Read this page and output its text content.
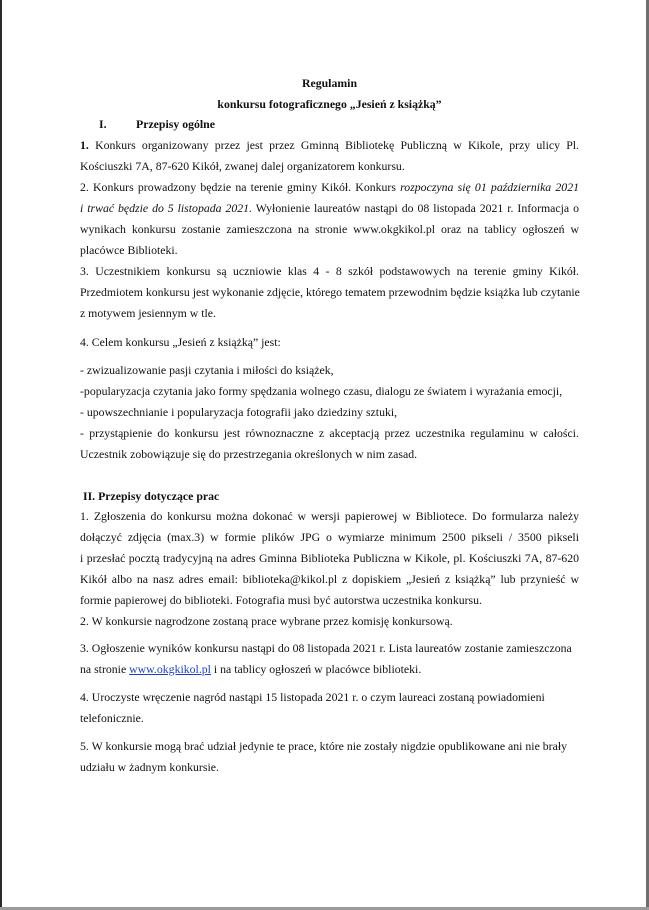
Regulamin
konkursu fotograficznego „Jesień z książką”
I. Przepisy ogólne
1. Konkurs organizowany przez jest przez Gminną Bibliotekę Publiczną w Kikole, przy ulicy Pl.
Kościuszki 7A, 87-620 Kikół, zwanej dalej organizatorem konkursu.
2. Konkurs prowadzony będzie na terenie gminy Kikół. Konkurs rozpoczyna się 01 października 2021
i trwać będzie do 5 listopada 2021. Wyłonienie laureatów nastąpi do 08 listopada 2021 r. Informacja o
wynikach konkursu zostanie zamieszczona na stronie www.okgkikol.pl oraz na tablicy ogłoszeń w
placówce Biblioteki.
3. Uczestnikiem konkursu są uczniowie klas 4 - 8 szkół podstawowych na terenie gminy Kikół.
Przedmiotem konkursu jest wykonanie zdjęcie, którego tematem przewodnim będzie książka lub czytanie
z motywem jesiennym w tle.
4. Celem konkursu „Jesień z książką” jest:
- zwizualizowanie pasji czytania i miłości do książek,
-popularyzacja czytania jako formy spędzania wolnego czasu, dialogu ze światem i wyrażania emocji,
- upowszechnianie i popularyzacja fotografii jako dziedziny sztuki,
- przystąpienie do konkursu jest równoznaczne z akceptacją przez uczestnika regulaminu w całości.
Uczestnik zobowiązuje się do przestrzegania określonych w nim zasad.
II. Przepisy dotyczące prac
1. Zgłoszenia do konkursu można dokonać w wersji papierowej w Bibliotece. Do formularza należy
dołączyć zdjęcia (max.3) w formie plików JPG o wymiarze minimum 2500 pikseli / 3500 pikseli
i przesłać pocztą tradycyjną na adres Gminna Biblioteka Publiczna w Kikole, pl. Kościuszki 7A, 87-620
Kikół albo na nasz adres email: biblioteka@kikol.pl z dopiskiem „Jesień z książką” lub przynieść w
formie papierowej do biblioteki. Fotografia musi być autorstwa uczestnika konkursu.
2. W konkursie nagrodzone zostaną prace wybrane przez komisję konkursową.
3. Ogłoszenie wyników konkursu nastąpi do 08 listopada 2021 r. Lista laureatów zostanie zamieszczona
na stronie www.okgkikol.pl i na tablicy ogłoszeń w placówce biblioteki.
4. Uroczyste wręczenie nagród nastąpi 15 listopada 2021 r. o czym laureaci zostaną powiadomieni
telefonicznie.
5. W konkursie mogą brać udział jedynie te prace, które nie zostały nigdzie opublikowane ani nie brały
udziału w żadnym konkursie.
